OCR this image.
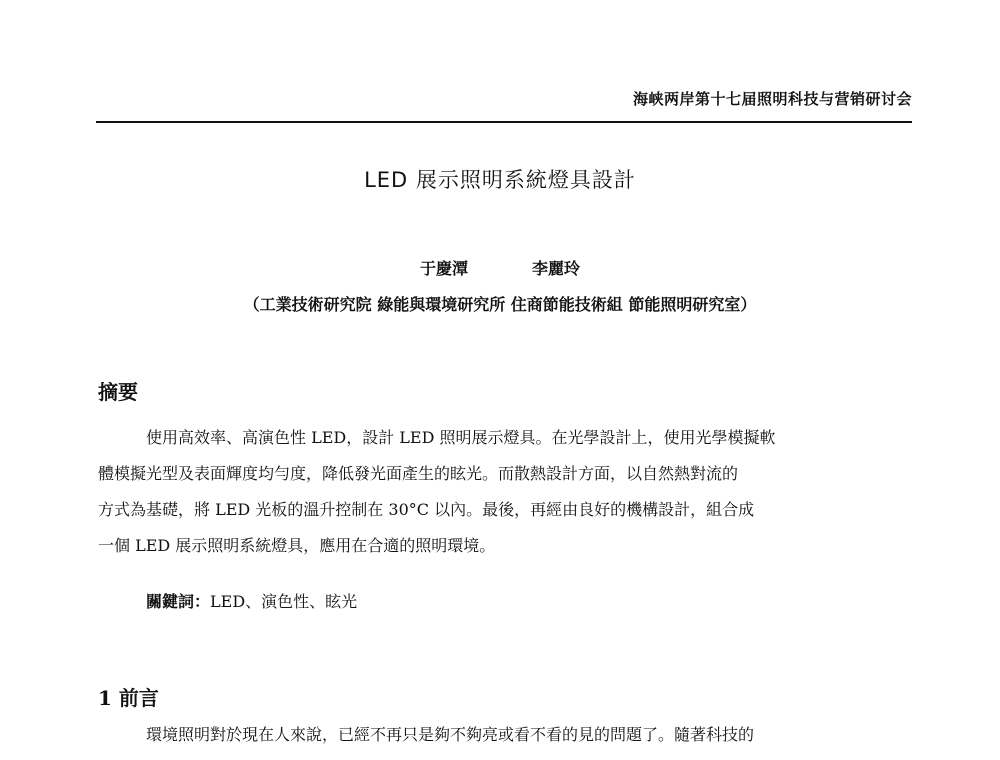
海峡两岸第十七届照明科技与营销研讨会
LED 展示照明系統燈具設計
于慶潭	李麗玲
（工業技術研究院 綠能與環境研究所 住商節能技術組 節能照明研究室）
摘要
使用高效率、高演色性 LED，設計 LED 照明展示燈具。在光學設計上，使用光學模擬軟
體模擬光型及表面輝度均勻度，降低發光面產生的眩光。而散熱設計方面，以自然熱對流的
方式為基礎，將 LED 光板的溫升控制在 30°C 以內。最後，再經由良好的機構設計，組合成
一個 LED 展示照明系統燈具，應用在合適的照明環境。
關鍵詞：LED、演色性、眩光
1 前言
環境照明對於現在人來說，已經不再只是夠不夠亮或看不看的見的問題了。隨著科技的
